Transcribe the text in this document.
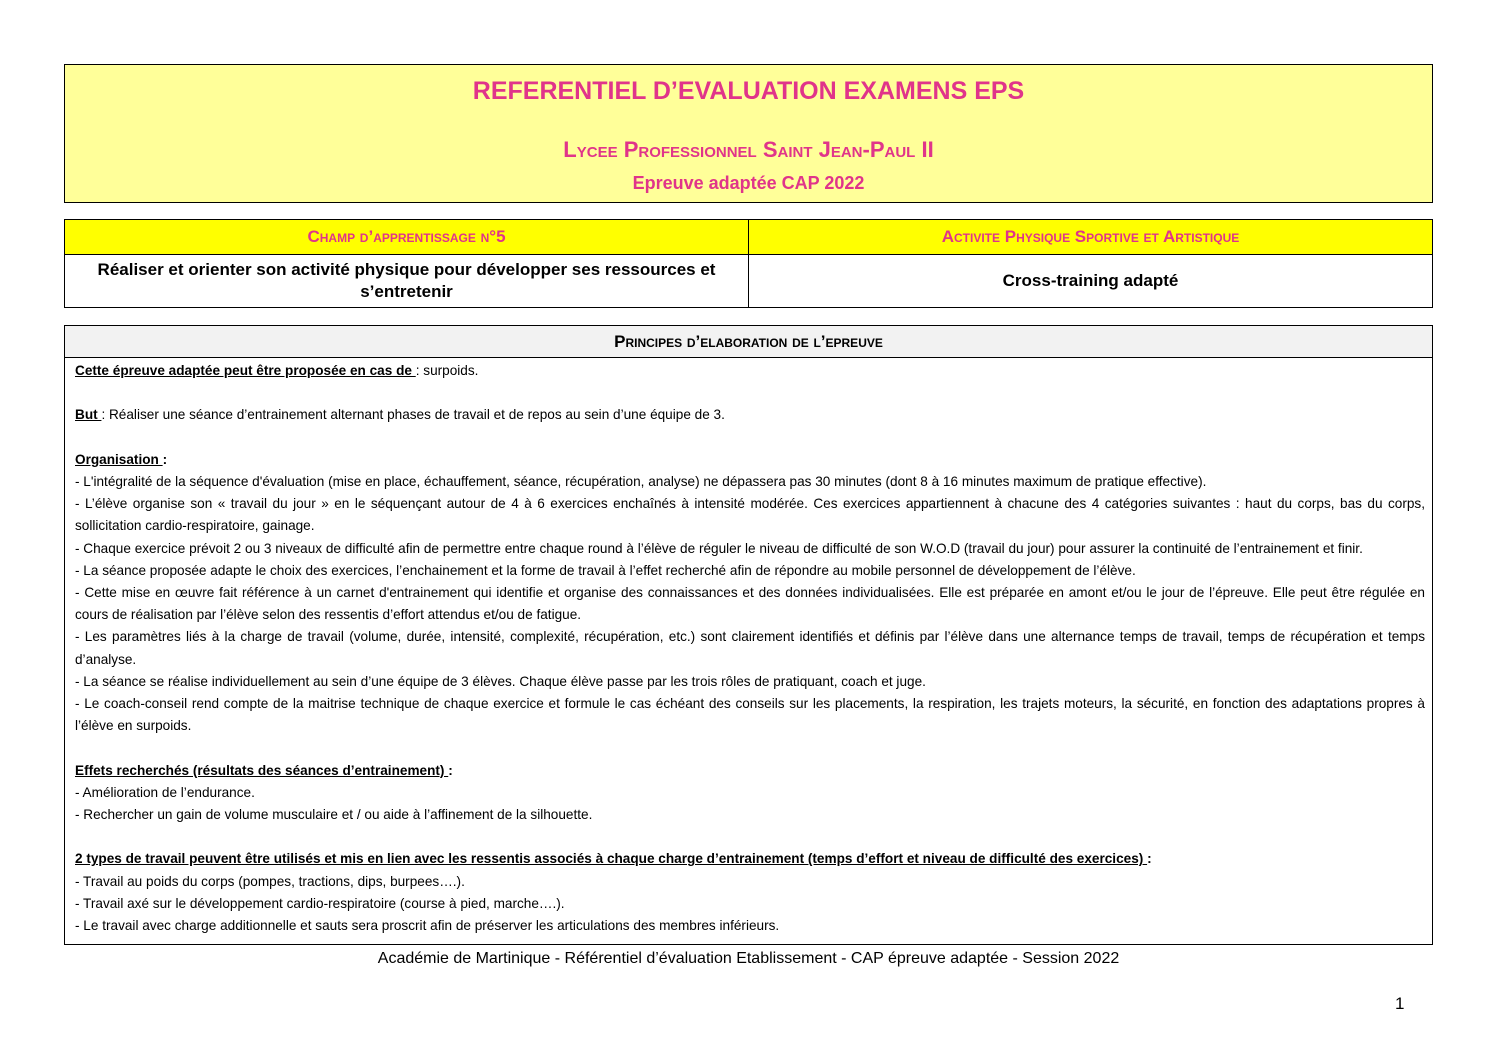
REFERENTIEL D’EVALUATION EXAMENS EPS
Lycee Professionnel Saint Jean-Paul II
Epreuve adaptée CAP 2022
Champ d’apprentissage n°5	Activite Physique Sportive et Artistique
Réaliser et orienter son activité physique pour développer ses ressources et s’entretenir
Cross-training adapté
Principes d’elaboration de l’epreuve

Cette épreuve adaptée peut être proposée en cas de : surpoids.

But : Réaliser une séance d’entrainement alternant phases de travail et de repos au sein d’une équipe de 3.

Organisation :

- L'intégralité de la séquence d'évaluation (mise en place, échauffement, séance, récupération, analyse) ne dépassera pas 30 minutes (dont 8 à 16 minutes maximum de pratique effective).

- L’élève organise son « travail du jour » en le séquençant autour de 4 à 6 exercices enchaînés à intensité modérée. Ces exercices appartiennent à chacune des 4 catégories suivantes : haut du corps, bas du corps, sollicitation cardio-respiratoire, gainage.

- Chaque exercice prévoit 2 ou 3 niveaux de difficulté afin de permettre entre chaque round à l’élève de réguler le niveau de difficulté de son W.O.D (travail du jour) pour assurer la continuité de l’entrainement et finir.

- La séance proposée adapte le choix des exercices, l’enchainement et la forme de travail à l’effet recherché afin de répondre au mobile personnel de développement de l’élève.

- Cette mise en œuvre fait référence à un carnet d'entrainement qui identifie et organise des connaissances et des données individualisées. Elle est préparée en amont et/ou le jour de l’épreuve. Elle peut être régulée en cours de réalisation par l’élève selon des ressentis d’effort attendus et/ou de fatigue.

- Les paramètres liés à la charge de travail (volume, durée, intensité, complexité, récupération, etc.) sont clairement identifiés et définis par l’élève dans une alternance temps de travail, temps de récupération et temps d’analyse.

- La séance se réalise individuellement au sein d’une équipe de 3 élèves. Chaque élève passe par les trois rôles de pratiquant, coach et juge.

- Le coach-conseil rend compte de la maitrise technique de chaque exercice et formule le cas échéant des conseils sur les placements, la respiration, les trajets moteurs, la sécurité, en fonction des adaptations propres à l’élève en surpoids.

Effets recherchés (résultats des séances d’entrainement) :

- Amélioration de l’endurance.

- Rechercher un gain de volume musculaire et / ou aide à l’affinement de la silhouette.

2 types de travail peuvent être utilisés et mis en lien avec les ressentis associés à chaque charge d’entrainement (temps d’effort et niveau de difficulté des exercices) :

- Travail au poids du corps (pompes, tractions, dips, burpees….).

- Travail axé sur le développement cardio-respiratoire (course à pied, marche….).

- Le travail avec charge additionnelle et sauts sera proscrit afin de préserver les articulations des membres inférieurs.

Académie de Martinique - Référentiel d’évaluation Etablissement - CAP épreuve adaptée - Session 2022
1
